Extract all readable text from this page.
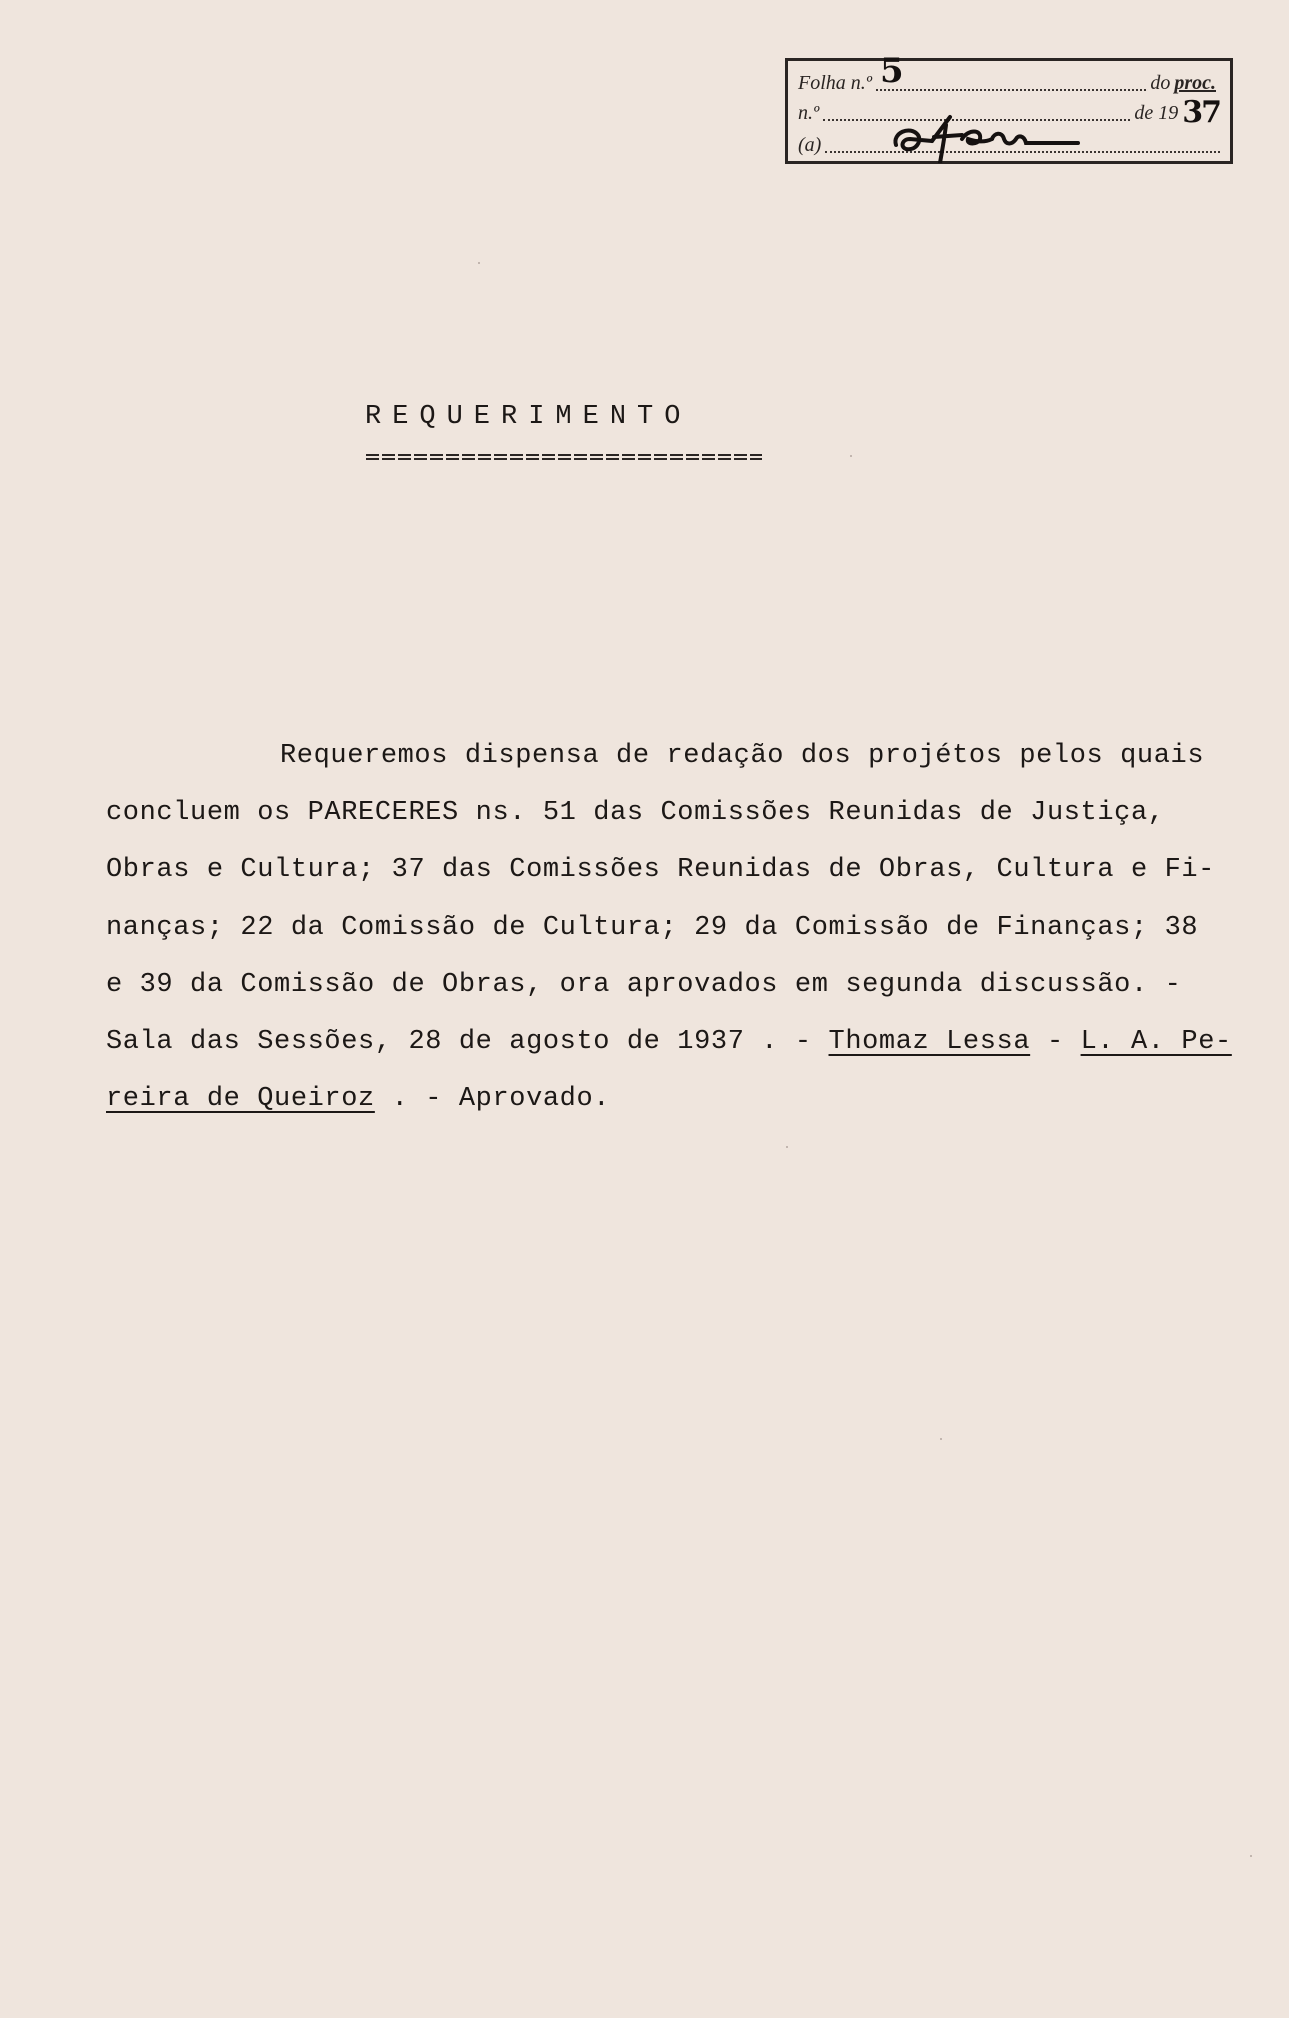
Folha n.º 5	do proc.
n.º	de 19 37
(a)
REQUERIMENTO
Requeremos dispensa de redação dos projétos pelos quais
concluem os PARECERES ns. 51 das Comissões Reunidas de Justiça,
Obras e Cultura; 37 das Comissões Reunidas de Obras, Cultura e Fi-
nanças; 22 da Comissão de Cultura; 29 da Comissão de Finanças; 38
e 39 da Comissão de Obras, ora aprovados em segunda discussão. -
Sala das Sessões, 28 de agosto de 1937 . - Thomaz Lessa - L. A. Pe-
reira de Queiroz . - Aprovado.
